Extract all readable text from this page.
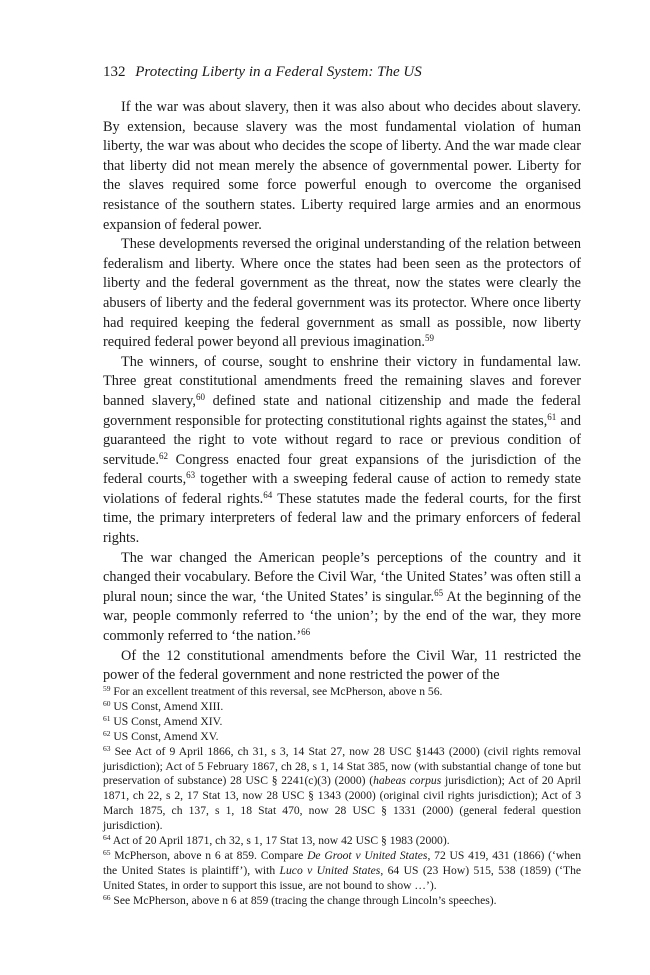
132 Protecting Liberty in a Federal System: The US

If the war was about slavery, then it was also about who decides about slavery. By extension, because slavery was the most fundamental violation of human liberty, the war was about who decides the scope of liberty. And the war made clear that liberty did not mean merely the absence of governmental power. Liberty for the slaves required some force powerful enough to overcome the organised resistance of the southern states. Liberty required large armies and an enormous expansion of federal power.

These developments reversed the original understanding of the relation between federalism and liberty. Where once the states had been seen as the protectors of liberty and the federal government as the threat, now the states were clearly the abusers of liberty and the federal government was its protector. Where once liberty had required keeping the federal government as small as possible, now liberty required federal power beyond all previous imagination.$^{59}$

The winners, of course, sought to enshrine their victory in fundamental law. Three great constitutional amendments freed the remaining slaves and forever banned slavery,$^{60}$ defined state and national citizenship and made the federal government responsible for protecting constitutional rights against the states,$^{61}$ and guaranteed the right to vote without regard to race or previous condition of servitude.$^{62}$ Congress enacted four great expansions of the jurisdiction of the federal courts,$^{63}$ together with a sweeping federal cause of action to remedy state violations of federal rights.$^{64}$ These statutes made the federal courts, for the first time, the primary interpreters of federal law and the primary enforcers of federal rights.

The war changed the American people’s perceptions of the country and it changed their vocabulary. Before the Civil War, ‘the United States’ was often still a plural noun; since the war, ‘the United States’ is singular.$^{65}$ At the beginning of the war, people commonly referred to ‘the union’; by the end of the war, they more commonly referred to ‘the nation.’$^{66}$

Of the 12 constitutional amendments before the Civil War, 11 restricted the power of the federal government and none restricted the power of the

$^{59}$ For an excellent treatment of this reversal, see McPherson, above n 56.

$^{60}$ US Const, Amend XIII.

$^{61}$ US Const, Amend XIV.

$^{62}$ US Const, Amend XV.

$^{63}$ See Act of 9 April 1866, ch 31, s 3, 14 Stat 27, now 28 USC §1443 (2000) (civil rights removal jurisdiction); Act of 5 February 1867, ch 28, s 1, 14 Stat 385, now (with substantial change of tone but preservation of substance) 28 USC § 2241(c)(3) (2000) (habeas corpus jurisdiction); Act of 20 April 1871, ch 22, s 2, 17 Stat 13, now 28 USC § 1343 (2000) (original civil rights jurisdiction); Act of 3 March 1875, ch 137, s 1, 18 Stat 470, now 28 USC § 1331 (2000) (general federal question jurisdiction).

$^{64}$ Act of 20 April 1871, ch 32, s 1, 17 Stat 13, now 42 USC § 1983 (2000).

$^{65}$ McPherson, above n 6 at 859. Compare De Groot v United States, 72 US 419, 431 (1866) (‘when the United States is plaintiff’), with Luco v United States, 64 US (23 How) 515, 538 (1859) (‘The United States, in order to support this issue, are not bound to show …’).

$^{66}$ See McPherson, above n 6 at 859 (tracing the change through Lincoln’s speeches).
